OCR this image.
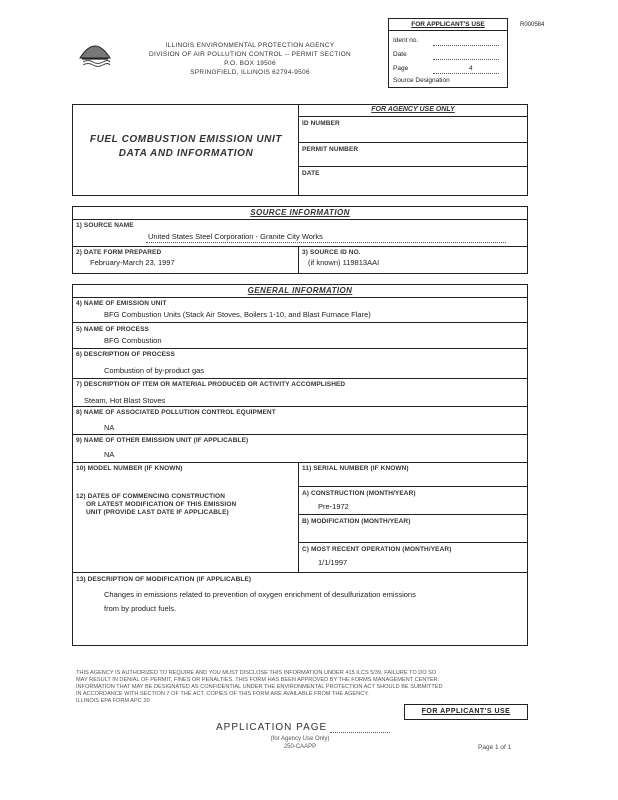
R000584
FOR APPLICANT'S USE
Ident no.
Date
Page	4
Source Designation
ILLINOIS ENVIRONMENTAL PROTECTION AGENCY
DIVISION OF AIR POLLUTION CONTROL -- PERMIT SECTION
P.O. BOX 19506
SPRINGFIELD, ILLINOIS 62794-9506
FUEL COMBUSTION EMISSION UNIT
DATA AND INFORMATION
FOR AGENCY USE ONLY
ID NUMBER
PERMIT NUMBER
DATE
SOURCE INFORMATION
1) SOURCE NAME
United States Steel Corporation - Granite City Works
2) DATE FORM PREPARED
February-March 23, 1997
3) SOURCE ID NO.
(if known) 119813AAI
GENERAL INFORMATION
4) NAME OF EMISSION UNIT
BFG Combustion Units (Stack Air Stoves, Boilers 1-10, and Blast Furnace Flare)
5) NAME OF PROCESS
BFG Combustion
6) DESCRIPTION OF PROCESS
Combustion of by-product gas
7) DESCRIPTION OF ITEM OR MATERIAL PRODUCED OR ACTIVITY ACCOMPLISHED
Steam, Hot Blast Stoves
8) NAME OF ASSOCIATED POLLUTION CONTROL EQUIPMENT
NA
9) NAME OF OTHER EMISSION UNIT (IF APPLICABLE)
NA
10) MODEL NUMBER (IF KNOWN)	11) SERIAL NUMBER (IF KNOWN)
12) DATES OF COMMENCING CONSTRUCTION
OR LATEST MODIFICATION OF THIS EMISSION
UNIT (PROVIDE LAST DATE IF APPLICABLE)
A) CONSTRUCTION (MONTH/YEAR)
Pre-1972
B) MODIFICATION (MONTH/YEAR)
C) MOST RECENT OPERATION (MONTH/YEAR)
1/1/1997
13) DESCRIPTION OF MODIFICATION (IF APPLICABLE)
Changes in emissions related to prevention of oxygen enrichment of desulfurization emissions
from by product fuels.
THIS AGENCY IS AUTHORIZED TO REQUIRE AND YOU MUST DISCLOSE THIS INFORMATION UNDER 415 ILCS 5/39. FAILURE TO DO SO
MAY RESULT IN DENIAL OF PERMIT, FINES OR PENALTIES. THIS FORM HAS BEEN APPROVED BY THE FORMS MANAGEMENT CENTER.
INFORMATION THAT MAY BE DESIGNATED AS CONFIDENTIAL UNDER THE ENVIRONMENTAL PROTECTION ACT SHOULD BE SUBMITTED
IN ACCORDANCE WITH SECTION 7 OF THE ACT. COPIES OF THIS FORM ARE AVAILABLE FROM THE AGENCY.
ILLINOIS EPA FORM APC 20
FOR APPLICANT'S USE
APPLICATION PAGE
(for Agency Use Only)
250-CAAPP	Page 1 of 1
